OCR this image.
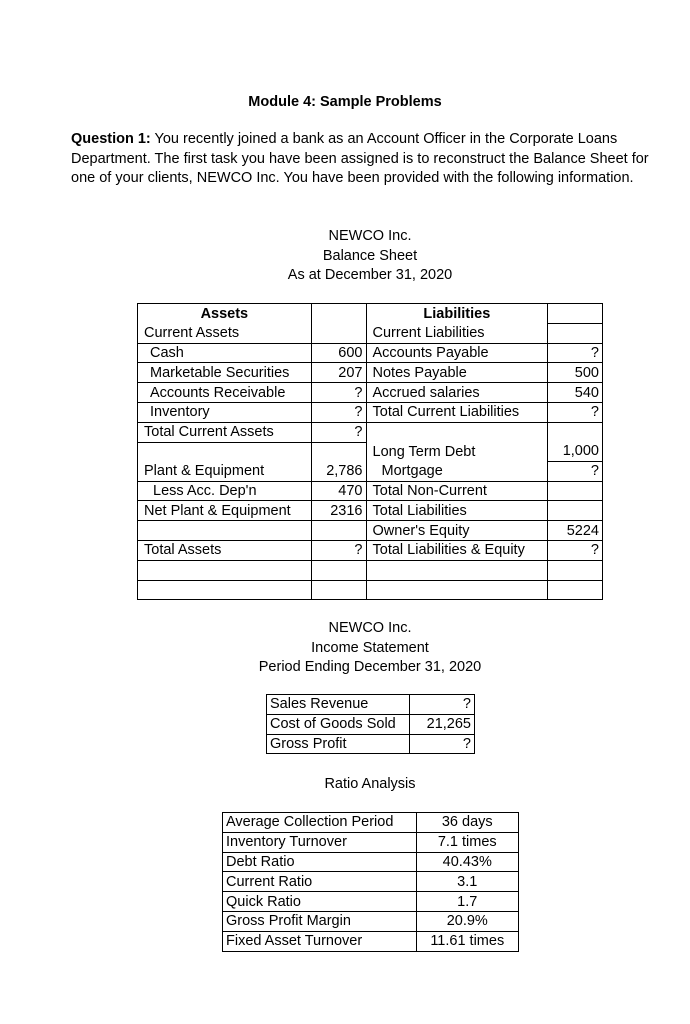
Module 4: Sample Problems
Question 1: You recently joined a bank as an Account Officer in the Corporate Loans Department. The first task you have been assigned is to reconstruct the Balance Sheet for one of your clients, NEWCO Inc. You have been provided with the following information.
NEWCO Inc.
Balance Sheet
As at December 31, 2020
Assets		Liabilities	
Current Assets		Current Liabilities	
Cash	600	Accounts Payable	?
Marketable Securities	207	Notes Payable	500
Accounts Receivable	?	Accrued salaries	540
Inventory	?	Total Current Liabilities	?
Total Current Assets	?		
		Long Term Debt	1,000
Plant & Equipment	2,786	Mortgage	?
Less Acc. Dep'n	470	Total Non-Current	
Net Plant & Equipment	2316	Total Liabilities	
		Owner's Equity	5224
Total Assets	?	Total Liabilities & Equity	?

NEWCO Inc.
Income Statement
Period Ending December 31, 2020
Sales Revenue	?
Cost of Goods Sold	21,265
Gross Profit	?
Ratio Analysis
Average Collection Period	36 days
Inventory Turnover	7.1 times
Debt Ratio	40.43%
Current Ratio	3.1
Quick Ratio	1.7
Gross Profit Margin	20.9%
Fixed Asset Turnover	11.61 times
